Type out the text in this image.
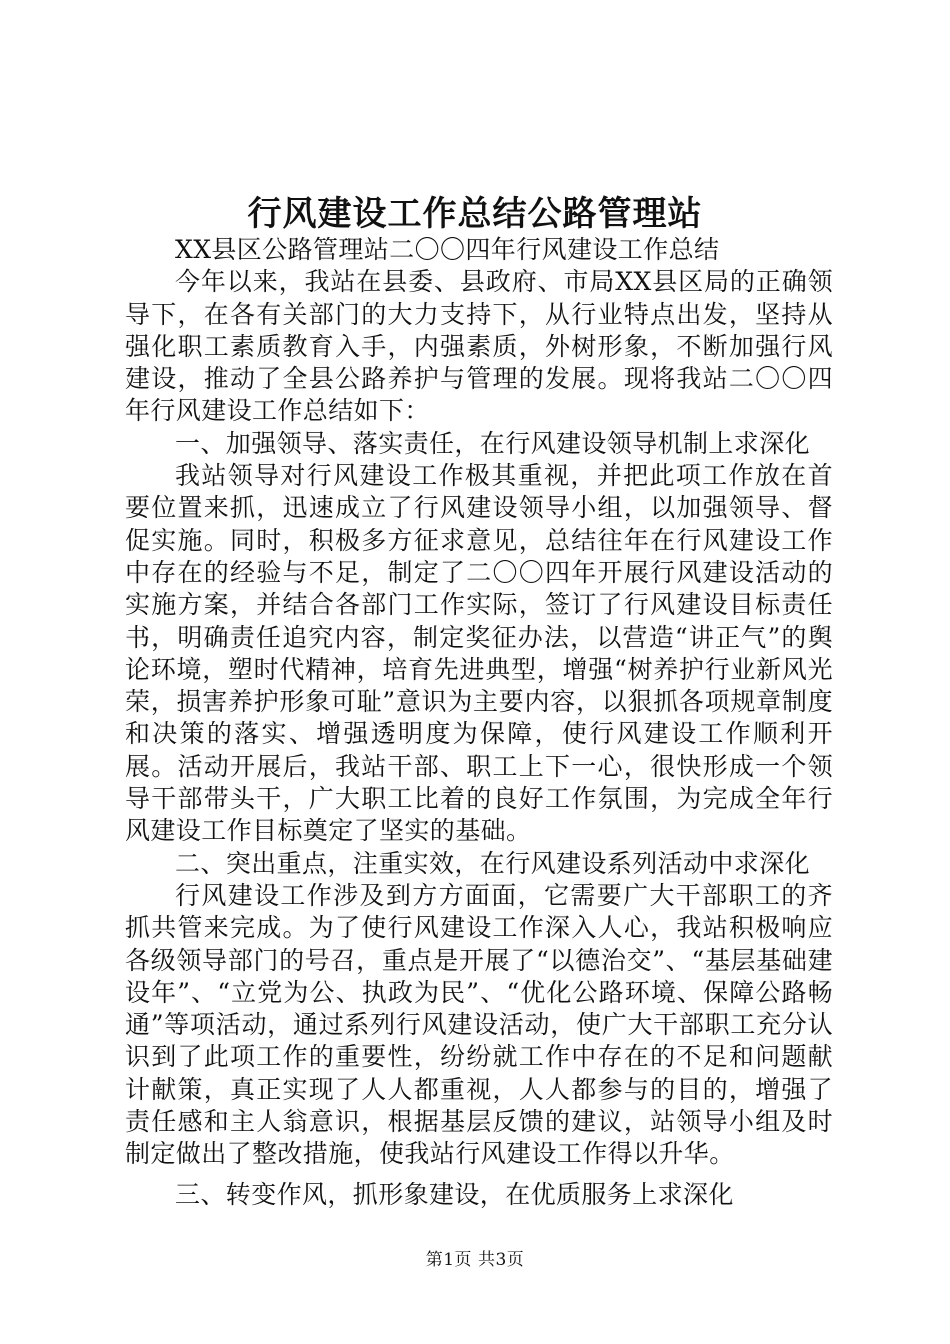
行风建设工作总结公路管理站

XX县区公路管理站二〇〇四年行风建设工作总结

今年以来，我站在县委、县政府、市局XX县区局的正确领导下，在各有关部门的大力支持下，从行业特点出发，坚持从强化职工素质教育入手，内强素质，外树形象，不断加强行风建设，推动了全县公路养护与管理的发展。现将我站二〇〇四年行风建设工作总结如下：

一、加强领导、落实责任，在行风建设领导机制上求深化

我站领导对行风建设工作极其重视，并把此项工作放在首要位置来抓，迅速成立了行风建设领导小组，以加强领导、督促实施。同时，积极多方征求意见，总结往年在行风建设工作中存在的经验与不足，制定了二〇〇四年开展行风建设活动的实施方案，并结合各部门工作实际，签订了行风建设目标责任书，明确责任追究内容，制定奖征办法，以营造“讲正气”的舆论环境，塑时代精神，培育先进典型，增强“树养护行业新风光荣，损害养护形象可耻”意识为主要内容，以狠抓各项规章制度和决策的落实、增强透明度为保障，使行风建设工作顺利开展。活动开展后，我站干部、职工上下一心，很快形成一个领导干部带头干，广大职工比着的良好工作氛围，为完成全年行风建设工作目标奠定了坚实的基础。

二、突出重点，注重实效，在行风建设系列活动中求深化

行风建设工作涉及到方方面面，它需要广大干部职工的齐抓共管来完成。为了使行风建设工作深入人心，我站积极响应各级领导部门的号召，重点是开展了“以德治交”、“基层基础建设年”、“立党为公、执政为民”、“优化公路环境、保障公路畅通”等项活动，通过系列行风建设活动，使广大干部职工充分认识到了此项工作的重要性，纷纷就工作中存在的不足和问题献计献策，真正实现了人人都重视，人人都参与的目的，增强了责任感和主人翁意识，根据基层反馈的建议，站领导小组及时制定做出了整改措施，使我站行风建设工作得以升华。

三、转变作风，抓形象建设，在优质服务上求深化

第1页 共3页
